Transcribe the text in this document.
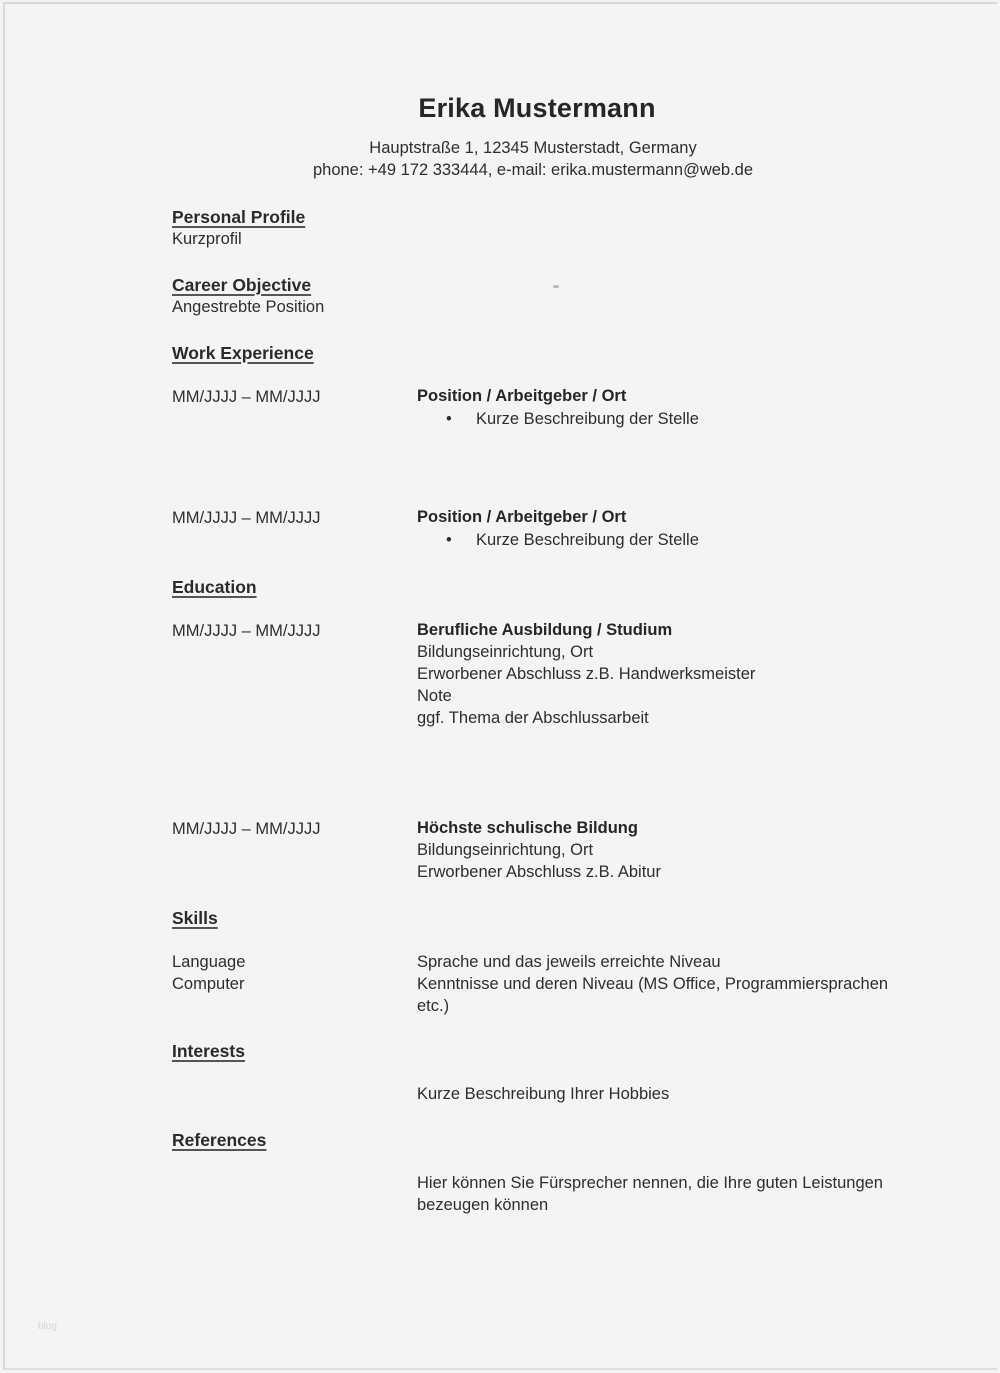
Erika Mustermann
Hauptstraße 1, 12345 Musterstadt, Germany
phone: +49 172 333444, e-mail: erika.mustermann@web.de
Personal Profile
Kurzprofil
Career Objective
Angestrebte Position
Work Experience
MM/JJJJ – MM/JJJJ	Position / Arbeitgeber / Ort
• Kurze Beschreibung der Stelle
MM/JJJJ – MM/JJJJ	Position / Arbeitgeber / Ort
• Kurze Beschreibung der Stelle
Education
MM/JJJJ – MM/JJJJ	Berufliche Ausbildung / Studium
Bildungseinrichtung, Ort
Erworbener Abschluss z.B. Handwerksmeister
Note
ggf. Thema der Abschlussarbeit
MM/JJJJ – MM/JJJJ	Höchste schulische Bildung
Bildungseinrichtung, Ort
Erworbener Abschluss z.B. Abitur
Skills
Language	Sprache und das jeweils erreichte Niveau
Computer	Kenntnisse und deren Niveau (MS Office, Programmiersprachen
etc.)
Interests
Kurze Beschreibung Ihrer Hobbies
References
Hier können Sie Fürsprecher nennen, die Ihre guten Leistungen
bezeugen können
blog
